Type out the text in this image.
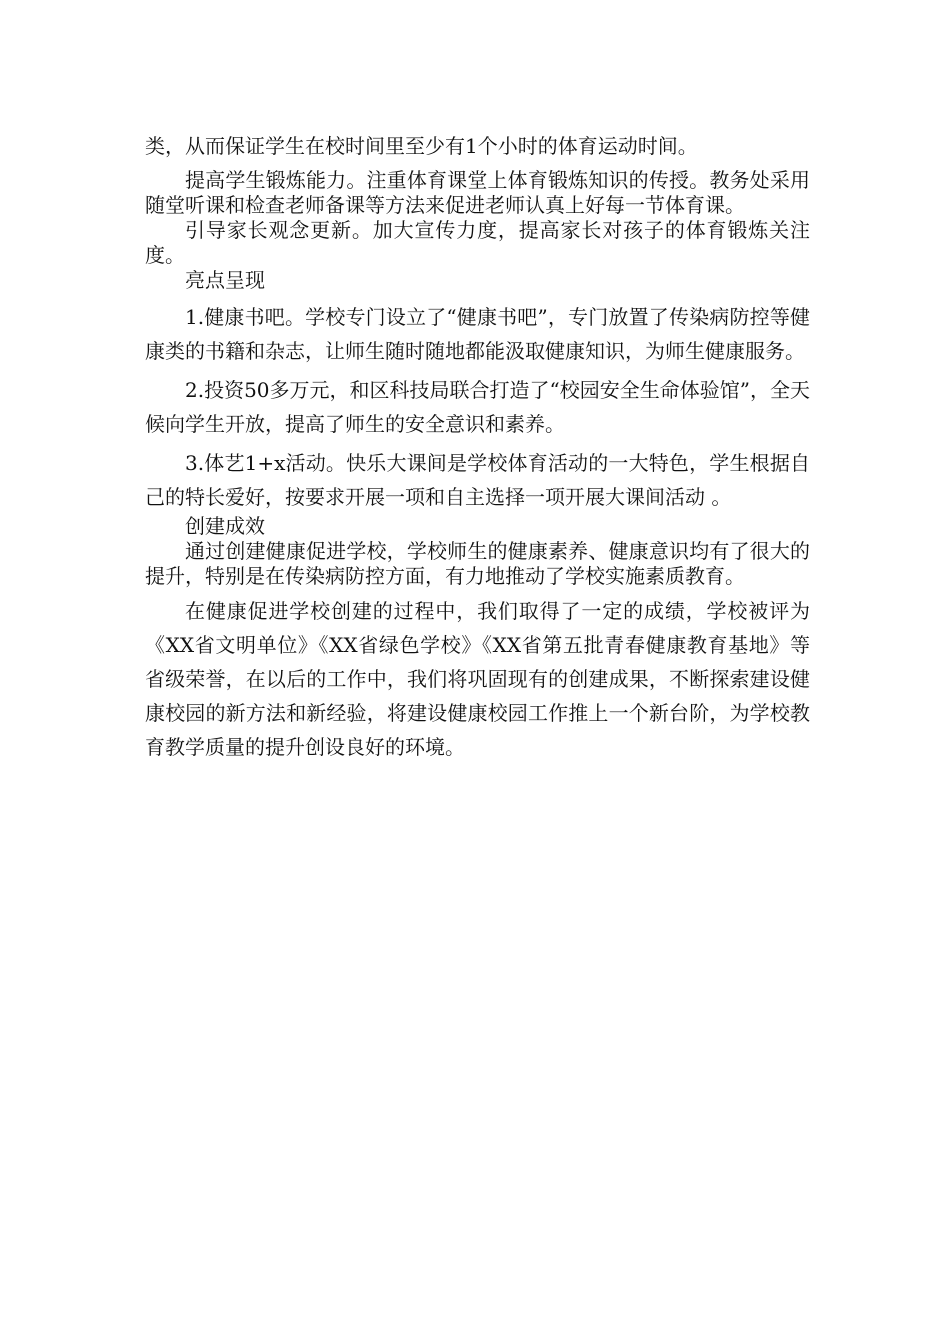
类，从而保证学生在校时间里至少有1个小时的体育运动时间。

提高学生锻炼能力。注重体育课堂上体育锻炼知识的传授。教务处采用随堂听课和检查老师备课等方法来促进老师认真上好每一节体育课。

引导家长观念更新。加大宣传力度，提高家长对孩子的体育锻炼关注度。

亮点呈现

1.健康书吧。学校专门设立了“健康书吧”，专门放置了传染病防控等健康类的书籍和杂志，让师生随时随地都能汲取健康知识，为师生健康服务。

2.投资50多万元，和区科技局联合打造了“校园安全生命体验馆”，全天候向学生开放，提高了师生的安全意识和素养。

3.体艺1+x活动。快乐大课间是学校体育活动的一大特色，学生根据自己的特长爱好，按要求开展一项和自主选择一项开展大课间活动 。

创建成效

通过创建健康促进学校，学校师生的健康素养、健康意识均有了很大的提升，特别是在传染病防控方面，有力地推动了学校实施素质教育。

在健康促进学校创建的过程中，我们取得了一定的成绩，学校被评为《XX省文明单位》《XX省绿色学校》《XX省第五批青春健康教育基地》等省级荣誉，在以后的工作中，我们将巩固现有的创建成果，不断探索建设健康校园的新方法和新经验，将建设健康校园工作推上一个新台阶，为学校教育教学质量的提升创设良好的环境。
